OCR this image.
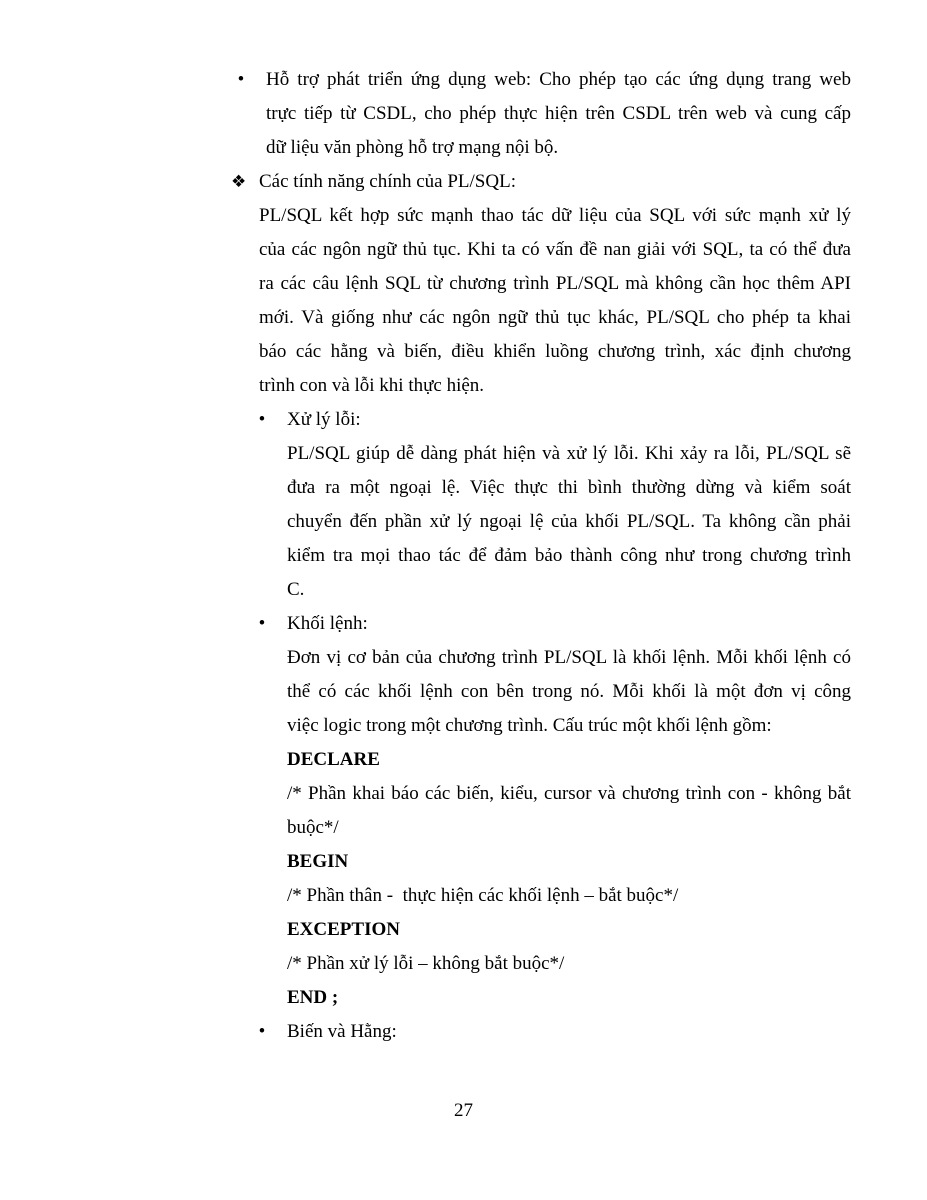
•	Hỗ trợ phát triển ứng dụng web: Cho phép tạo các ứng dụng trang web
trực tiếp từ CSDL, cho phép thực hiện trên CSDL trên web và cung cấp
dữ liệu văn phòng hỗ trợ mạng nội bộ.
❖ Các tính năng chính của PL/SQL:
PL/SQL kết hợp sức mạnh thao tác dữ liệu của SQL với sức mạnh xử lý
của các ngôn ngữ thủ tục. Khi ta có vấn đề nan giải với SQL, ta có thể đưa
ra các câu lệnh SQL từ chương trình PL/SQL mà không cần học thêm API
mới. Và giống như các ngôn ngữ thủ tục khác, PL/SQL cho phép ta khai
báo các hằng và biến, điều khiển luồng chương trình, xác định chương
trình con và lỗi khi thực hiện.
•	Xử lý lỗi:
PL/SQL giúp dễ dàng phát hiện và xử lý lỗi. Khi xảy ra lỗi, PL/SQL sẽ
đưa ra một ngoại lệ. Việc thực thi bình thường dừng và kiểm soát
chuyển đến phần xử lý ngoại lệ của khối PL/SQL. Ta không cần phải
kiểm tra mọi thao tác để đảm bảo thành công như trong chương trình
C.
•	Khối lệnh:
Đơn vị cơ bản của chương trình PL/SQL là khối lệnh. Mỗi khối lệnh có
thể có các khối lệnh con bên trong nó. Mỗi khối là một đơn vị công
việc logic trong một chương trình. Cấu trúc một khối lệnh gồm:
DECLARE
/* Phần khai báo các biến, kiểu, cursor và chương trình con - không bắt
buộc*/
BEGIN
/* Phần thân -  thực hiện các khối lệnh – bắt buộc*/
EXCEPTION
/* Phần xử lý lỗi – không bắt buộc*/
END ;
•	Biến và Hằng:
27
